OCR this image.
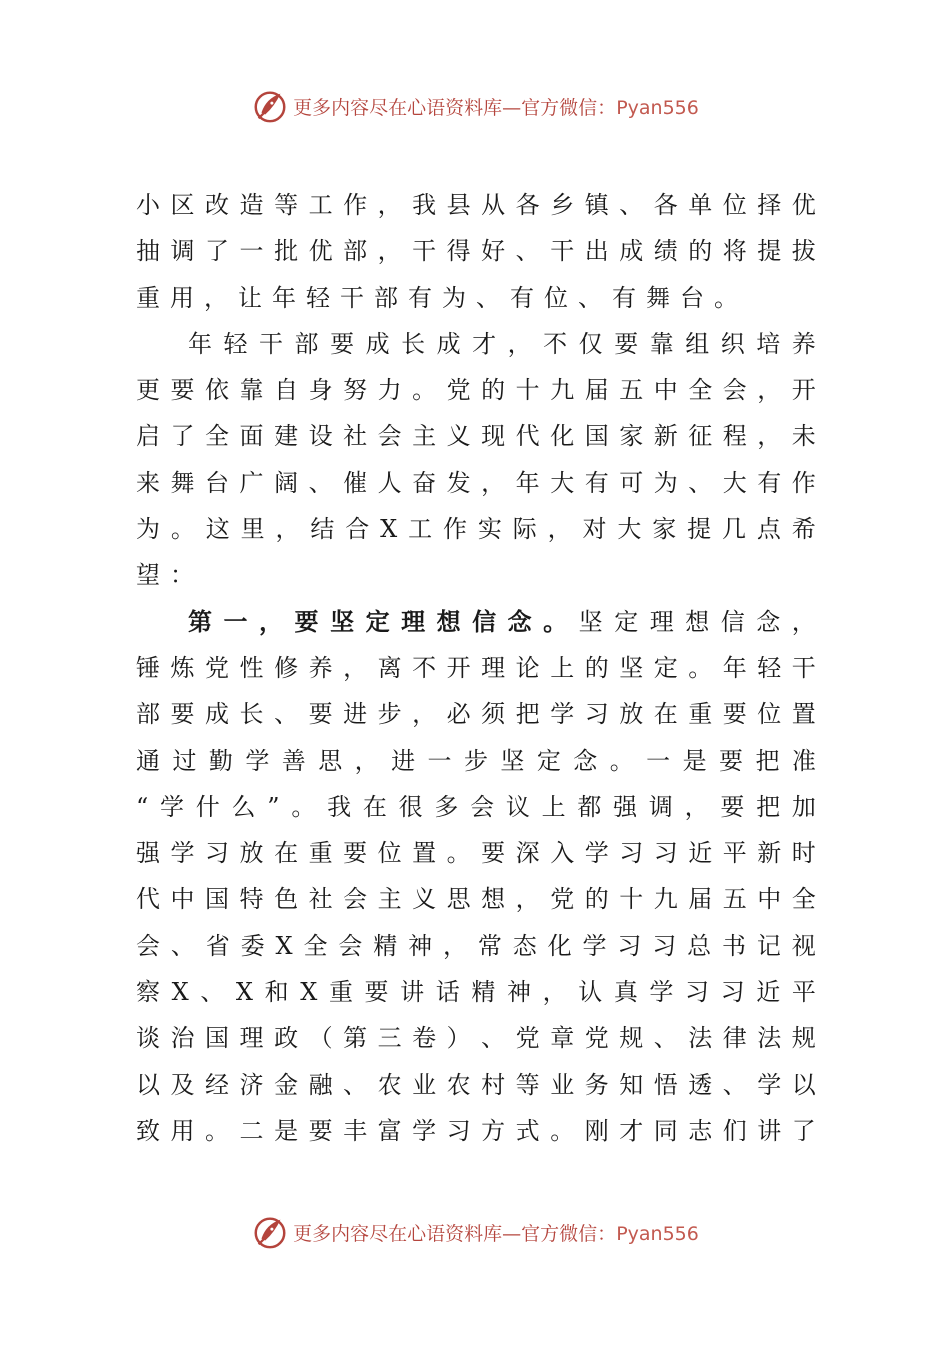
更多内容尽在心语资料库—官方微信：Pyan556
小 区 改 造 等 工 作 ， 我 县 从 各 乡 镇 、 各 单 位 择 优
抽 调 了 一 批 优 部 ， 干 得 好 、 干 出 成 绩 的 将 提 拔
重 用 ， 让 年 轻 干 部 有 为 、 有 位 、 有 舞 台 。
年 轻 干 部 要 成 长 成 才 ， 不 仅 要 靠 组 织 培 养
更 要 依 靠 自 身 努 力 。 党 的 十 九 届 五 中 全 会 ， 开
启 了 全 面 建 设 社 会 主 义 现 代 化 国 家 新 征 程 ， 未
来 舞 台 广 阔 、 催 人 奋 发 ， 年 大 有 可 为 、 大 有 作
为 。 这 里 ， 结 合 X 工 作 实 际 ， 对 大 家 提 几 点 希
望 ：
第 一 ， 要 坚 定 理 想 信 念 。 坚 定 理 想 信 念 ，
锤 炼 党 性 修 养 ， 离 不 开 理 论 上 的 坚 定 。 年 轻 干
部 要 成 长 、 要 进 步 ， 必 须 把 学 习 放 在 重 要 位 置
通 过 勤 学 善 思 ， 进 一 步 坚 定 念 。 一 是 要 把 准
“ 学 什 么 ” 。 我 在 很 多 会 议 上 都 强 调 ， 要 把 加
强 学 习 放 在 重 要 位 置 。 要 深 入 学 习 习 近 平 新 时
代 中 国 特 色 社 会 主 义 思 想 ， 党 的 十 九 届 五 中 全
会 、 省 委 X 全 会 精 神 ， 常 态 化 学 习 习 总 书 记 视
察 X 、 X 和 X 重 要 讲 话 精 神 ， 认 真 学 习 习 近 平
谈 治 国 理 政 （ 第 三 卷 ） 、 党 章 党 规 、 法 律 法 规
以 及 经 济 金 融 、 农 业 农 村 等 业 务 知 悟 透 、 学 以
致 用 。 二 是 要 丰 富 学 习 方 式 。 刚 才 同 志 们 讲 了
更多内容尽在心语资料库—官方微信：Pyan556
